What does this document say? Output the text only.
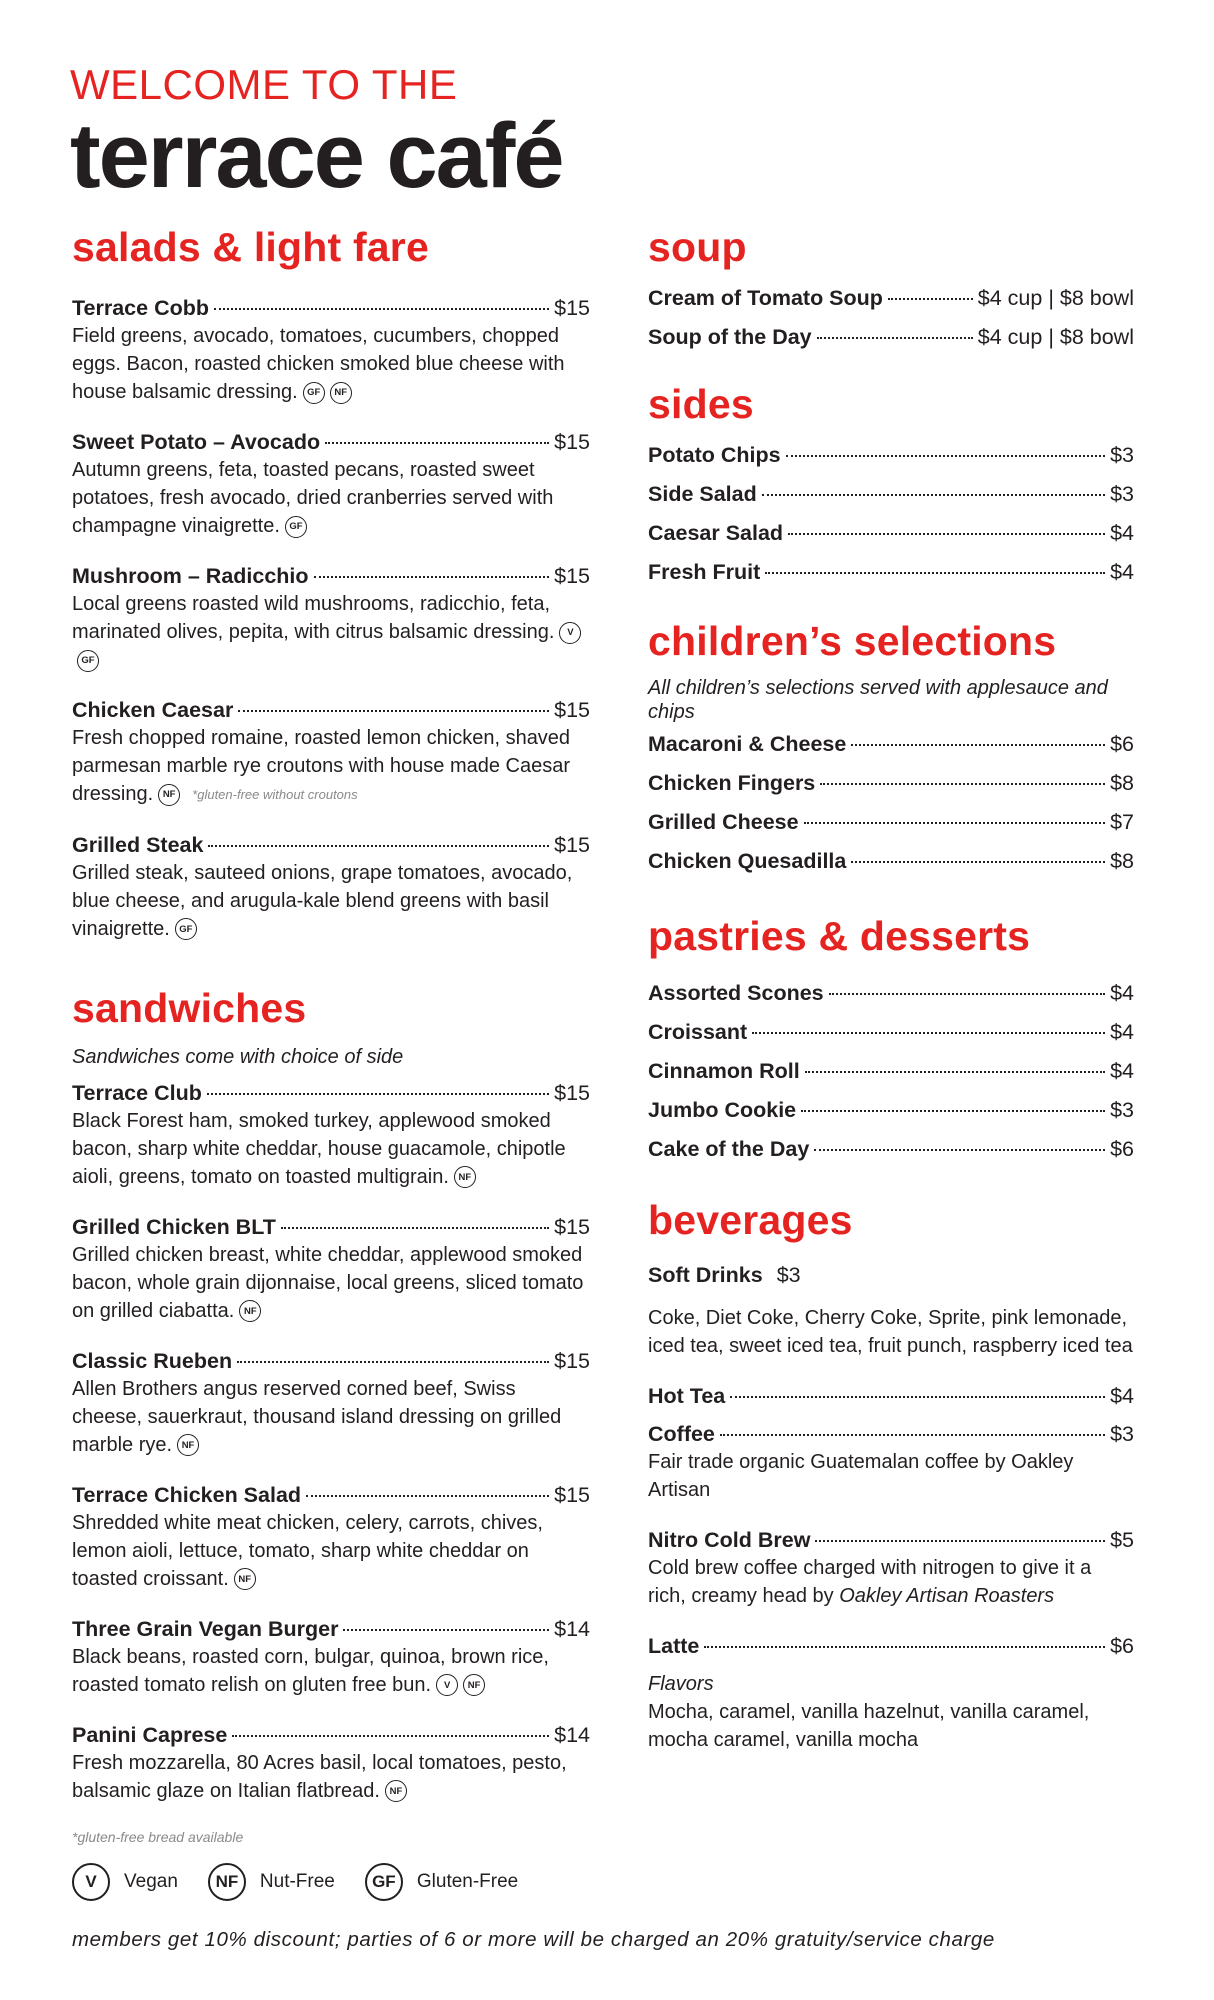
WELCOME TO THE
terrace café
salads & light fare
Terrace Cobb	$15
Field greens, avocado, tomatoes, cucumbers, chopped eggs. Bacon, roasted chicken smoked blue cheese with house balsamic dressing. GF NF
Sweet Potato – Avocado	$15
Autumn greens, feta, toasted pecans, roasted sweet potatoes, fresh avocado, dried cranberries served with champagne vinaigrette. GF
Mushroom – Radicchio	$15
Local greens roasted wild mushrooms, radicchio, feta, marinated olives, pepita, with citrus balsamic dressing. VGF
Chicken Caesar	$15
Fresh chopped romaine, roasted lemon chicken, shaved parmesan marble rye croutons with house made Caesar dressing. NF *gluten-free without croutons
Grilled Steak	$15
Grilled steak, sauteed onions, grape tomatoes, avocado, blue cheese, and arugula-kale blend greens with basil vinaigrette. GF
sandwiches
Sandwiches come with choice of side
Terrace Club	$15
Black Forest ham, smoked turkey, applewood smoked bacon, sharp white cheddar, house guacamole, chipotle aioli, greens, tomato on toasted multigrain. NF
Grilled Chicken BLT	$15
Grilled chicken breast, white cheddar, applewood smoked bacon, whole grain dijonnaise, local greens, sliced tomato on grilled ciabatta. NF
Classic Rueben	$15
Allen Brothers angus reserved corned beef, Swiss cheese, sauerkraut, thousand island dressing on grilled marble rye. NF
Terrace Chicken Salad	$15
Shredded white meat chicken, celery, carrots, chives, lemon aioli, lettuce, tomato, sharp white cheddar on toasted croissant. NF
Three Grain Vegan Burger	$14
Black beans, roasted corn, bulgar, quinoa, brown rice, roasted tomato relish on gluten free bun. V NF
Panini Caprese	$14
Fresh mozzarella, 80 Acres basil, local tomatoes, pesto, balsamic glaze on Italian flatbread. NF
*gluten-free bread available
V	Vegan	NF	Nut-Free	GF	Gluten-Free
soup
Cream of Tomato Soup	$4 cup | $8 bowl
Soup of the Day	$4 cup | $8 bowl
sides
Potato Chips	$3
Side Salad	$3
Caesar Salad	$4
Fresh Fruit	$4
children’s selections
All children’s selections served with applesauce and chips
Macaroni & Cheese	$6
Chicken Fingers	$8
Grilled Cheese	$7
Chicken Quesadilla	$8
pastries & desserts
Assorted Scones	$4
Croissant	$4
Cinnamon Roll	$4
Jumbo Cookie	$3
Cake of the Day	$6
beverages
Soft Drinks $3
Coke, Diet Coke, Cherry Coke, Sprite, pink lemonade, iced tea, sweet iced tea, fruit punch, raspberry iced tea
Hot Tea	$4
Coffee	$3
Fair trade organic Guatemalan coffee by Oakley Artisan
Nitro Cold Brew	$5
Cold brew coffee charged with nitrogen to give it a rich, creamy head by Oakley Artisan Roasters
Latte	$6
Flavors
Mocha, caramel, vanilla hazelnut, vanilla caramel, mocha caramel, vanilla mocha
members get 10% discount; parties of 6 or more will be charged an 20% gratuity/service charge
